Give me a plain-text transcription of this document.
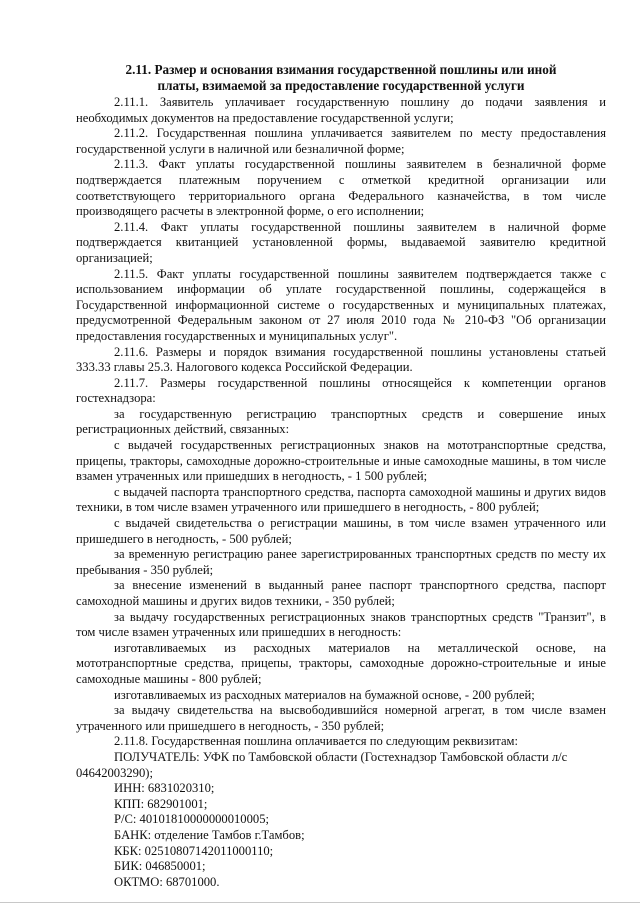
2.11. Размер и основания взимания государственной пошлины или иной
платы, взимаемой за предоставление государственной услуги

2.11.1. Заявитель уплачивает государственную пошлину до подачи заявления и необходимых документов на предоставление государственной услуги;

2.11.2. Государственная пошлина уплачивается заявителем по месту предоставления государственной услуги в наличной или безналичной форме;

2.11.3. Факт уплаты государственной пошлины заявителем в безналичной форме подтверждается платежным поручением с отметкой кредитной организации или соответствующего территориального органа Федерального казначейства, в том числе производящего расчеты в электронной форме, о его исполнении;

2.11.4. Факт уплаты государственной пошлины заявителем в наличной форме подтверждается квитанцией установленной формы, выдаваемой заявителю кредитной организацией;

2.11.5. Факт уплаты государственной пошлины заявителем подтверждается также с использованием информации об уплате государственной пошлины, содержащейся в Государственной информационной системе о государственных и муниципальных платежах, предусмотренной Федеральным законом от 27 июля 2010 года № 210-ФЗ "Об организации предоставления государственных и муниципальных услуг".

2.11.6. Размеры и порядок взимания государственной пошлины установлены статьей 333.33 главы 25.3. Налогового кодекса Российской Федерации.

2.11.7. Размеры государственной пошлины относящейся к компетенции органов гостехнадзора:

за государственную регистрацию транспортных средств и совершение иных регистрационных действий, связанных:

с выдачей государственных регистрационных знаков на мототранспортные средства, прицепы, тракторы, самоходные дорожно-строительные и иные самоходные машины, в том числе взамен утраченных или пришедших в негодность, - 1 500 рублей;

с выдачей паспорта транспортного средства, паспорта самоходной машины и других видов техники, в том числе взамен утраченного или пришедшего в негодность, - 800 рублей;

с выдачей свидетельства о регистрации машины, в том числе взамен утраченного или пришедшего в негодность, - 500 рублей;

за временную регистрацию ранее зарегистрированных транспортных средств по месту их пребывания - 350 рублей;

за внесение изменений в выданный ранее паспорт транспортного средства, паспорт самоходной машины и других видов техники, - 350 рублей;

за выдачу государственных регистрационных знаков транспортных средств "Транзит", в том числе взамен утраченных или пришедших в негодность:

изготавливаемых из расходных материалов на металлической основе, на мототранспортные средства, прицепы, тракторы, самоходные дорожно-строительные и иные самоходные машины - 800 рублей;

изготавливаемых из расходных материалов на бумажной основе, - 200 рублей;

за выдачу свидетельства на высвободившийся номерной агрегат, в том числе взамен утраченного или пришедшего в негодность, - 350 рублей;

2.11.8. Государственная пошлина оплачивается по следующим реквизитам:

ПОЛУЧАТЕЛЬ: УФК по Тамбовской области (Гостехнадзор Тамбовской области л/с 04642003290);

ИНН: 6831020310;

КПП: 682901001;

Р/С: 40101810000000010005;

БАНК: отделение Тамбов г.Тамбов;

КБК: 02510807142011000110;

БИК: 046850001;

ОКТМО: 68701000.
